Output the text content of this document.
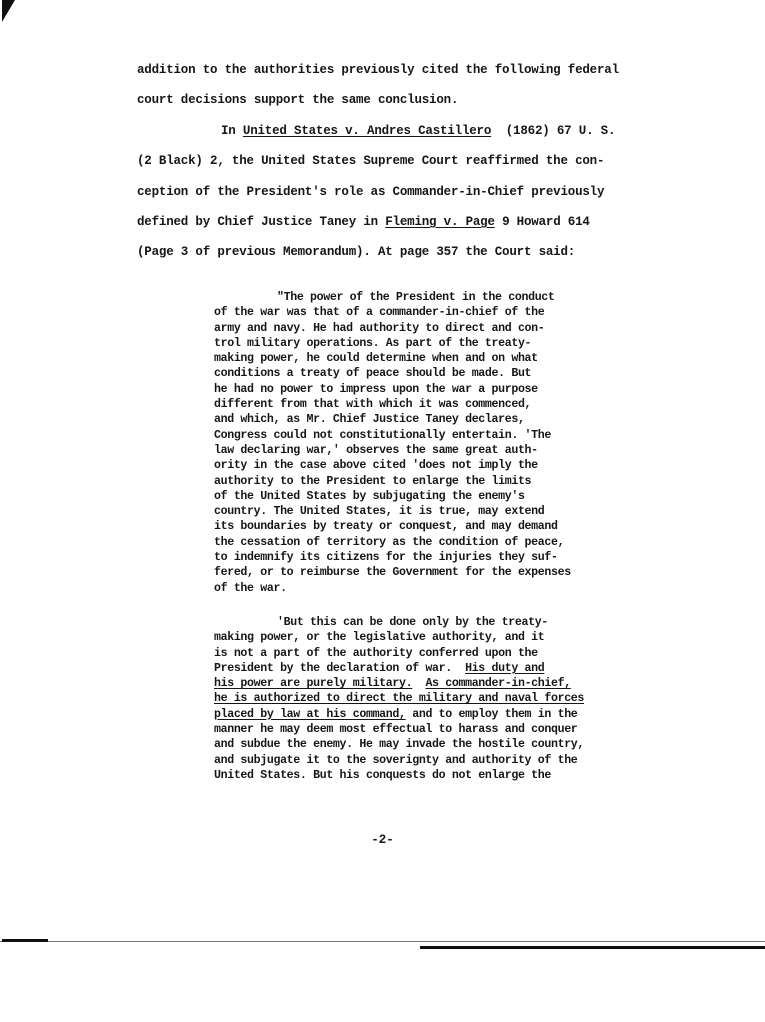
addition to the authorities previously cited the following federal
court decisions support the same conclusion.
In United States v. Andres Castillero  (1862) 67 U. S.
(2 Black) 2, the United States Supreme Court reaffirmed the con-
ception of the President's role as Commander-in-Chief previously
defined by Chief Justice Taney in Fleming v. Page 9 Howard 614
(Page 3 of previous Memorandum). At page 357 the Court said:
"The power of the President in the conduct
of the war was that of a commander-in-chief of the
army and navy. He had authority to direct and con-
trol military operations. As part of the treaty-
making power, he could determine when and on what
conditions a treaty of peace should be made. But
he had no power to impress upon the war a purpose
different from that with which it was commenced,
and which, as Mr. Chief Justice Taney declares,
Congress could not constitutionally entertain. 'The
law declaring war,' observes the same great auth-
ority in the case above cited 'does not imply the
authority to the President to enlarge the limits
of the United States by subjugating the enemy's
country. The United States, it is true, may extend
its boundaries by treaty or conquest, and may demand
the cessation of territory as the condition of peace,
to indemnify its citizens for the injuries they suf-
fered, or to reimburse the Government for the expenses
of the war.
'But this can be done only by the treaty-
making power, or the legislative authority, and it
is not a part of the authority conferred upon the
President by the declaration of war.  His duty and
his power are purely military. As commander-in-chief,
he is authorized to direct the military and naval forces
placed by law at his command, and to employ them in the
manner he may deem most effectual to harass and conquer
and subdue the enemy. He may invade the hostile country,
and subjugate it to the soverignty and authority of the
United States. But his conquests do not enlarge the
-2-
